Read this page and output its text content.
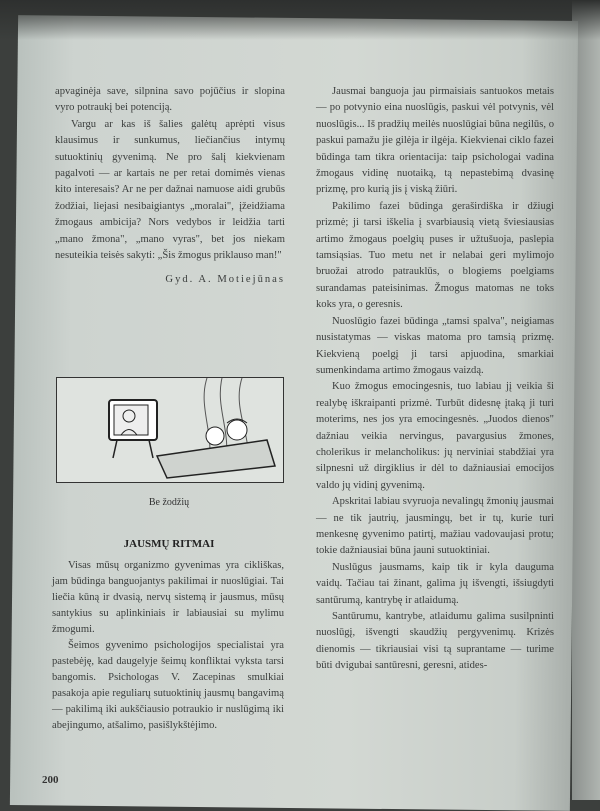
apvaginėja save, silpnina savo pojūčius ir slopina vyro potraukį bei potenciją.

Vargu ar kas iš šalies galėtų aprėpti visus klausimus ir sunkumus, liečiančius intymų sutuoktinių gyvenimą. Ne pro šalį kiekvienam pagalvoti — ar kartais ne per retai domimės vienas kito interesais? Ar ne per dažnai namuose aidi grubūs žodžiai, liejasi nesibaigiantys „moralai", įžeidžiama žmogaus ambicija? Nors vedybos ir leidžia tarti „mano žmona", „mano vyras", bet jos niekam nesuteikia teisės sakyti: „Šis žmogus priklauso man!"

Gyd. A. Motiejūnas

Be žodžių
JAUSMŲ RITMAI

Visas mūsų organizmo gyvenimas yra cikliškas, jam būdinga banguojantys pakilimai ir nuoslūgiai. Tai liečia kūną ir dvasią, nervų sistemą ir jausmus, mūsų santykius su aplinkiniais ir labiausiai su mylimu žmogumi.

Šeimos gyvenimo psichologijos specialistai yra pastebėję, kad daugelyje šeimų konfliktai vyksta tarsi bangomis. Psichologas V. Zacepinas smulkiai pasakoja apie reguliarų sutuoktinių jausmų bangavimą — pakilimą iki aukščiausio potraukio ir nuslūgimą iki abejingumo, atšalimo, pasišlykštėjimo.

Jausmai banguoja jau pirmaisiais santuokos metais — po potvynio eina nuoslūgis, paskui vėl potvynis, vėl nuoslūgis... Iš pradžių meilės nuoslūgiai būna negilūs, o paskui pamažu jie gilėja ir ilgėja. Kiekvienai ciklo fazei būdinga tam tikra orientacija: taip psichologai vadina žmogaus vidinę nuotaiką, tą nepastebimą dvasinę prizmę, pro kurią jis į viską žiūri.

Pakilimo fazei būdinga geraširdiška ir džiugi prizmė; ji tarsi iškelia į svarbiausią vietą šviesiausias artimo žmogaus poelgių puses ir užtušuoja, paslepia tamsiąsias. Tuo metu net ir nelabai geri mylimojo bruožai atrodo patrauklūs, o blogiems poelgiams surandamas pateisinimas. Žmogus matomas ne toks koks yra, o geresnis.

Nuoslūgio fazei būdinga „tamsi spalva", neigiamas nusistatymas — viskas matoma pro tamsią prizmę. Kiekvieną poelgį ji tarsi apjuodina, smarkiai sumenkindama artimo žmogaus vaizdą.

Kuo žmogus emocingesnis, tuo labiau jį veikia ši realybę iškraipanti prizmė. Turbūt didesnę įtaką ji turi moterims, nes jos yra emocingesnės. „Juodos dienos" dažniau veikia nervingus, pavargusius žmones, cholerikus ir melancholikus: jų nerviniai stabdžiai yra silpnesni už dirgiklius ir dėl to dažniausiai emocijos valdo jų vidinį gyvenimą.

Apskritai labiau svyruoja nevalingų žmonių jausmai — ne tik jautrių, jausmingų, bet ir tų, kurie turi menkesnę gyvenimo patirtį, mažiau vadovaujasi protu; tokie dažniausiai būna jauni sutuoktiniai.

Nuslūgus jausmams, kaip tik ir kyla dauguma vaidų. Tačiau tai žinant, galima jų išvengti, išsiugdyti santūrumą, kantrybę ir atlaidumą.

Santūrumu, kantrybe, atlaidumu galima susilpninti nuoslūgį, išvengti skaudžių pergyvenimų. Krizės dienomis — tikriausiai visi tą suprantame — turime būti dvigubai santūresni, geresni, atides-

200
